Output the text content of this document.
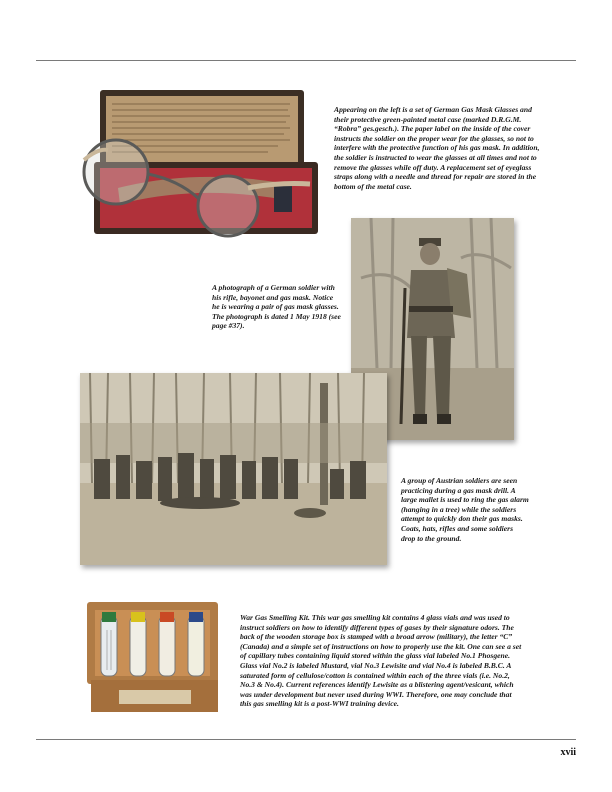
Appearing on the left is a set of German Gas Mask Glasses and their protective green-painted metal case (marked D.R.G.M. “Robra” ges.gesch.). The paper label on the inside of the cover instructs the soldier on the proper wear for the glasses, so not to interfere with the protective function of his gas mask. In addition, the soldier is instructed to wear the glasses at all times and not to remove the glasses while off duty. A replacement set of eyeglass straps along with a needle and thread for repair are stored in the bottom of the metal case.

A photograph of a German soldier with his rifle, bayonet and gas mask. Notice he is wearing a pair of gas mask glasses. The photograph is dated 1 May 1918 (see page #37).

A group of Austrian soldiers are seen practicing during a gas mask drill. A large mallet is used to ring the gas alarm (hanging in a tree) while the soldiers attempt to quickly don their gas masks. Coats, hats, rifles and some soldiers drop to the ground.

War Gas Smelling Kit. This war gas smelling kit contains 4 glass vials and was used to instruct soldiers on how to identify different types of gases by their signature odors. The back of the wooden storage box is stamped with a broad arrow (military), the letter “C” (Canada) and a simple set of instructions on how to properly use the kit. One can see a set of capillary tubes containing liquid stored within the glass vial labeled No.1 Phosgene. Glass vial No.2 is labeled Mustard, vial No.3 Lewisite and vial No.4 is labeled B.B.C. A saturated form of cellulose/cotton is contained within each of the three vials (i.e. No.2, No.3 & No.4). Current references identify Lewisite as a blistering agent/vesicant, which was under development but never used during WWI. Therefore, one may conclude that this gas smelling kit is a post-WWI training device.

xvii
